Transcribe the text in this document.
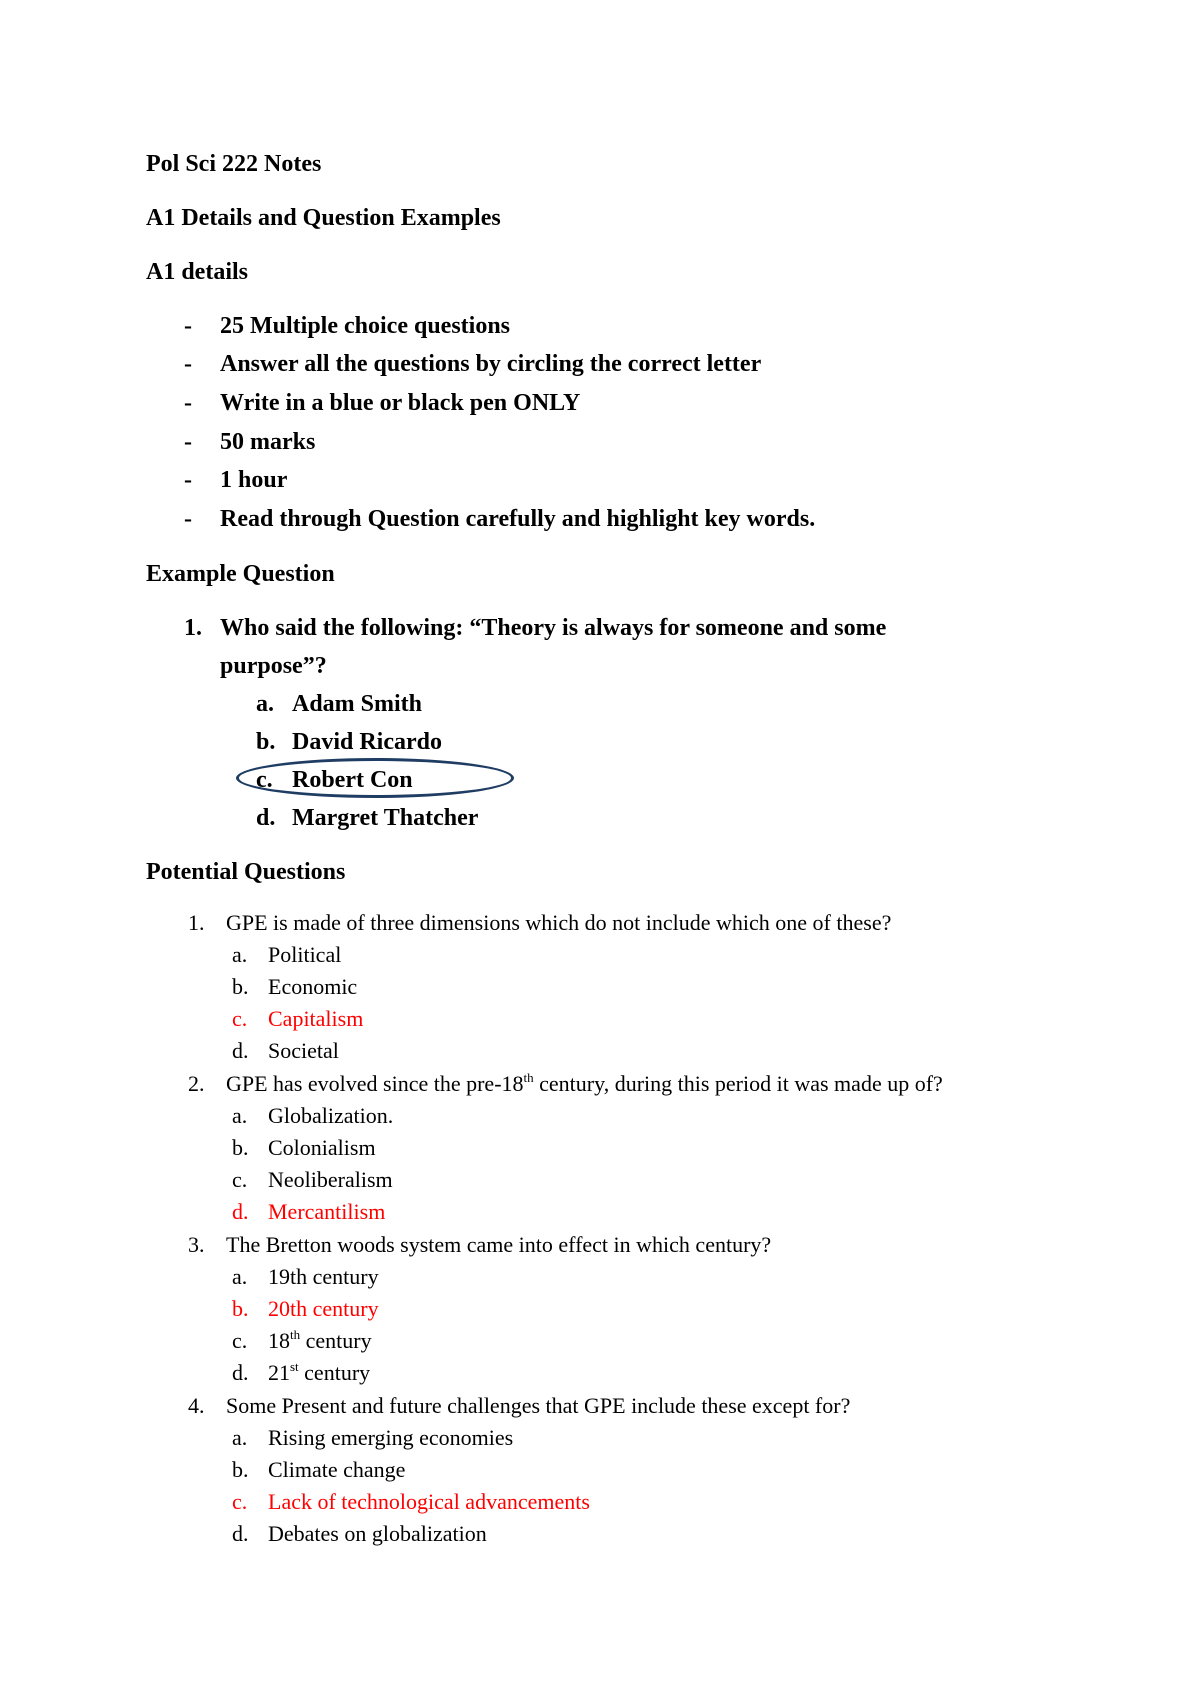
Pol Sci 222 Notes
A1 Details and Question Examples
A1 details
- 25 Multiple choice questions
- Answer all the questions by circling the correct letter
- Write in a blue or black pen ONLY
- 50 marks
- 1 hour
- Read through Question carefully and highlight key words.
Example Question
1. Who said the following: “Theory is always for someone and some
purpose”?
a. Adam Smith
b. David Ricardo
c. Robert Con
d. Margret Thatcher
Potential Questions
1. GPE is made of three dimensions which do not include which one of these?
a. Political
b. Economic
c. Capitalism
d. Societal
2. GPE has evolved since the pre-18th century, during this period it was made up of?
a. Globalization.
b. Colonialism
c. Neoliberalism
d. Mercantilism
3. The Bretton woods system came into effect in which century?
a. 19th century
b. 20th century
c. 18th century
d. 21st century
4. Some Present and future challenges that GPE include these except for?
a. Rising emerging economies
b. Climate change
c. Lack of technological advancements
d. Debates on globalization
